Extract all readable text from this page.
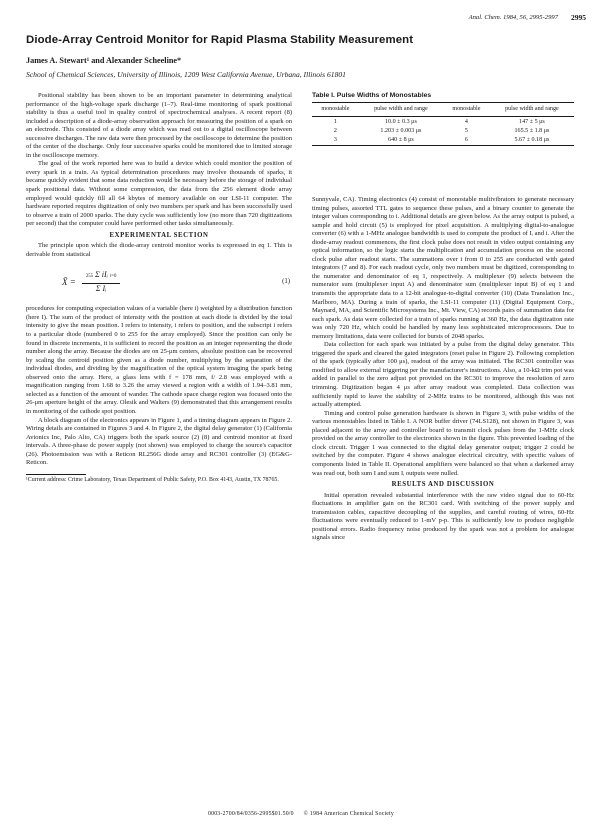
Anal. Chem. 1984, 56, 2995-2997	2995
Diode-Array Centroid Monitor for Rapid Plasma Stability Measurement
James A. Stewart¹ and Alexander Scheeline*
School of Chemical Sciences, University of Illinois, 1209 West California Avenue, Urbana, Illinois 61801

Positional stability has been shown to be an important parameter in determining analytical performance of the high-voltage spark discharge (1–7). Real-time monitoring of spark positional stability is thus a useful tool in quality control of spectrochemical analyses. A recent report (8) included a description of a diode-array observation approach for measuring the position of a spark on an electrode. This consisted of a diode array which was read out to a digital oscilloscope between successive discharges. The raw data were then processed by the oscilloscope to determine the position of the center of the discharge. Only four successive sparks could be monitored due to limited storage in the oscilloscope memory.

The goal of the work reported here was to build a device which could monitor the position of every spark in a train. As typical determination procedures may involve thousands of sparks, it became quickly evident that some data reduction would be necessary before the storage of individual spark positional data. Without some compression, the data from the 256 element diode array employed would quickly fill all 64 kbytes of memory available on our LSI-11 computer. The hardware reported requires digitization of only two numbers per spark and has been successfully used to observe a train of 2000 sparks. The duty cycle was sufficiently low (no more than 720 digitizations per second) that the computer could have performed other tasks simultaneously.

EXPERIMENTAL SECTION

The principle upon which the diode-array centroid monitor works is expressed in eq 1. This is derivable from statistical

X̄ = $\frac{\text{255 Σ iIᵢ i=0}}{\text{Σ Iᵢ}}$	(1)

procedures for computing expectation values of a variable (here i) weighted by a distribution function (here I). The sum of the product of intensity with the position at each diode is divided by the total intensity to give the mean position. I refers to intensity, i refers to position, and the subscript i refers to a particular diode (numbered 0 to 255 for the array employed). Since the position can only be found in discrete increments, it is sufficient to record the position as an integer representing the diode number along the array. Because the diodes are on 25-μm centers, absolute position can be recovered by scaling the centroid position given as a diode number, multiplying by the separation of the individual diodes, and dividing by the magnification of the optical system imaging the spark being observed onto the array. Here, a glass lens with f = 178 mm, f/ 2.8 was employed with a magnification ranging from 1.68 to 3.26 the array viewed a region with a width of 1.94–3.81 mm, selected as a function of the amount of wander. The cathode space charge region was focused onto the 26-μm aperture height of the array. Olesik and Walters (9) demonstrated that this arrangement results in monitoring of the cathode spot position.

A block diagram of the electronics appears in Figure 1, and a timing diagram appears in Figure 2. Wiring details are contained in Figures 3 and 4. In Figure 2, the digital delay generator (1) (California Avionics Inc, Palo Alto, CA) triggers both the spark source (2) (8) and centroid monitor at fixed intervals. A three-phase dc power supply (not shown) was employed to charge the source's capacitor (26). Photoemission was with a Reticon RL256G diode array and RC301 controller (3) (EG&G-Reticon.

¹Current address: Crime Laboratory, Texas Department of Public Safety, P.O. Box 4143, Austin, TX 78765.

Table I. Pulse Widths of Monostables
monostable	pulse width and range	monostable	pulse width and range
1	10.0 ± 0.3 μs	4	147 ± 5 μs
2	1.203 ± 0.003 μs	5	165.5 ± 1.8 μs
3	640 ± 8 μs	6	5.67 ± 0.18 μs

Sunnyvale, CA). Timing electronics (4) consist of monostable multivibrators to generate necessary timing pulses, assorted TTL gates to sequence these pulses, and a binary counter to generate the integer values corresponding to i. Additional details are given below. As the array output is pulsed, a sample and hold circuit (5) is employed for pixel acquisition. A multiplying digital-to-analogue converter (6) with a 1-MHz analogue bandwidth is used to compute the product of Iᵢ and i. After the diode-array readout commences, the first clock pulse does not result in video output containing any optical information, so the logic starts the multiplication and accumulation process on the second clock pulse after readout starts. The summations over i from 0 to 255 are conducted with gated integrators (7 and 8). For each readout cycle, only two numbers must be digitized, corresponding to the numerator and denominator of eq 1, respectively. A multiplexer (9) selects between the numerator sum (multiplexer input A) and denominator sum (multiplexer input B) of eq 1 and transmits the appropriate data to a 12-bit analogue-to-digital converter (10) (Data Translation Inc., Marlboro, MA). During a train of sparks, the LSI-11 computer (11) (Digital Equipment Corp., Maynard, MA, and Scientific Microsystems Inc., Mt. View, CA) records pairs of summation data for each spark. As data were collected for a train of sparks running at 360 Hz, the data digitization rate was only 720 Hz, which could be handled by many less sophisticated microprocessors. Due to memory limitations, data were collected for bursts of 2048 sparks.

Data collection for each spark was initiated by a pulse from the digital delay generator. This triggered the spark and cleared the gated integrators (reset pulse in Figure 2). Following completion of the spark (typically after 100 μs), readout of the array was initiated. The RC301 controller was modified to allow external triggering per the manufacturer's instructions. Also, a 10-kΩ trim pot was added in parallel to the zero adjust pot provided on the RC301 to improve the resolution of zero trimming. Digitization began 4 μs after array readout was completed. Data collection was sufficiently rapid to leave the stability of 2-MHz trains to be monitored, although this was not actually attempted.

Timing and control pulse generation hardware is shown in Figure 3, with pulse widths of the various monostables listed in Table I. A NOR buffer driver (74LS128), not shown in Figure 3, was placed adjacent to the array and controller board to transmit clock pulses from the 1-MHz clock provided on the array controller to the electronics shown in the figure. This prevented loading of the clock circuit. Trigger 1 was connected to the digital delay generator output; trigger 2 could be switched by the computer. Figure 4 shows analogue electrical circuitry, with specific values of components listed in Table II. Operational amplifiers were balanced so that when a darkened array was read out, both sum I and sum Iᵢ outputs were nulled.

RESULTS AND DISCUSSION

Initial operation revealed substantial interference with the raw video signal due to 60-Hz fluctuations in amplifier gain on the RC301 card. With switching of the power supply and transmission cables, capacitive decoupling of the supplies, and careful routing of wires, 60-Hz fluctuations were eventually reduced to 1-mV p-p. This is sufficiently low to produce negligible positional errors. Radio frequency noise produced by the spark was not a problem for analogue signals since

0003-2700/84/0356-2995$01.50/0 © 1984 American Chemical Society
